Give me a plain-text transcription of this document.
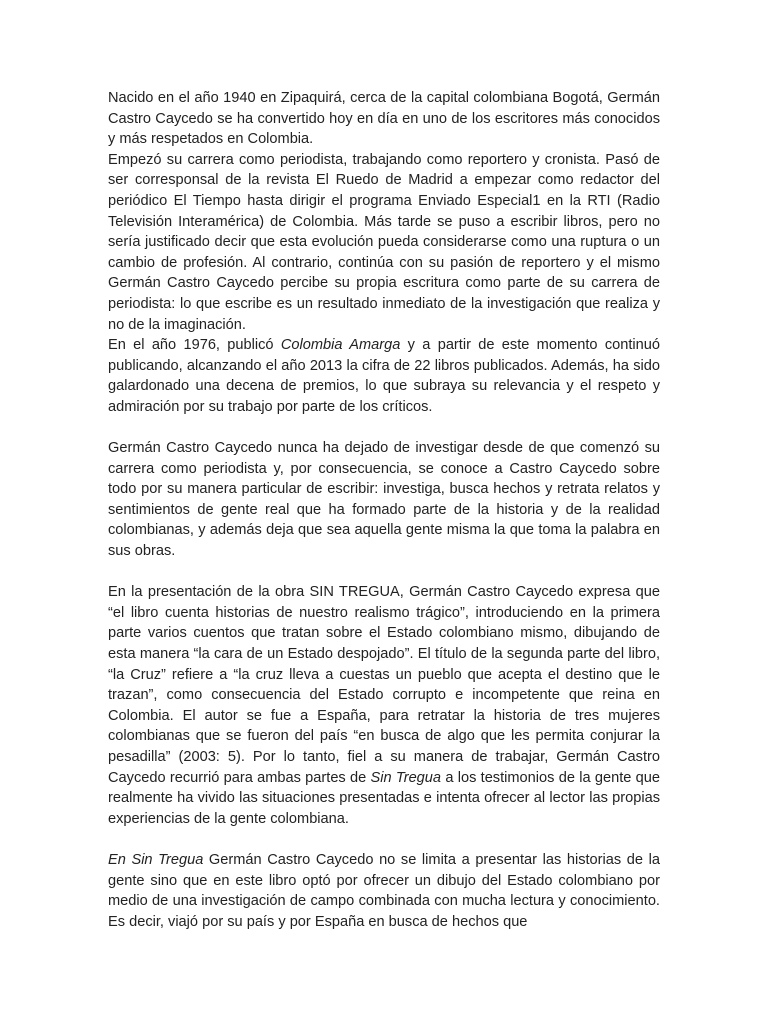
Nacido en el año 1940 en Zipaquirá, cerca de la capital colombiana Bogotá, Germán Castro Caycedo se ha convertido hoy en día en uno de los escritores más conocidos y más respetados en Colombia.

Empezó su carrera como periodista, trabajando como reportero y cronista. Pasó de ser corresponsal de la revista El Ruedo de Madrid a empezar como redactor del periódico El Tiempo hasta dirigir el programa Enviado Especial1 en la RTI (Radio Televisión Interamérica) de Colombia. Más tarde se puso a escribir libros, pero no sería justificado decir que esta evolución pueda considerarse como una ruptura o un cambio de profesión. Al contrario, continúa con su pasión de reportero y el mismo Germán Castro Caycedo percibe su propia escritura como parte de su carrera de periodista: lo que escribe es un resultado inmediato de la investigación que realiza y no de la imaginación.

En el año 1976, publicó Colombia Amarga y a partir de este momento continuó publicando, alcanzando el año 2013 la cifra de 22 libros publicados. Además, ha sido galardonado una decena de premios, lo que subraya su relevancia y el respeto y admiración por su trabajo por parte de los críticos.

Germán Castro Caycedo nunca ha dejado de investigar desde de que comenzó su carrera como periodista y, por consecuencia, se conoce a Castro Caycedo sobre todo por su manera particular de escribir: investiga, busca hechos y retrata relatos y sentimientos de gente real que ha formado parte de la historia y de la realidad colombianas, y además deja que sea aquella gente misma la que toma la palabra en sus obras.

En la presentación de la obra SIN TREGUA, Germán Castro Caycedo expresa que “el libro cuenta historias de nuestro realismo trágico”, introduciendo en la primera parte varios cuentos que tratan sobre el Estado colombiano mismo, dibujando de esta manera “la cara de un Estado despojado”. El título de la segunda parte del libro, “la Cruz” refiere a “la cruz lleva a cuestas un pueblo que acepta el destino que le trazan”, como consecuencia del Estado corrupto e incompetente que reina en Colombia. El autor se fue a España, para retratar la historia de tres mujeres colombianas que se fueron del país “en busca de algo que les permita conjurar la pesadilla” (2003: 5). Por lo tanto, fiel a su manera de trabajar, Germán Castro Caycedo recurrió para ambas partes de Sin Tregua a los testimonios de la gente que realmente ha vivido las situaciones presentadas e intenta ofrecer al lector las propias experiencias de la gente colombiana.

En Sin Tregua Germán Castro Caycedo no se limita a presentar las historias de la gente sino que en este libro optó por ofrecer un dibujo del Estado colombiano por medio de una investigación de campo combinada con mucha lectura y conocimiento. Es decir, viajó por su país y por España en busca de hechos que
